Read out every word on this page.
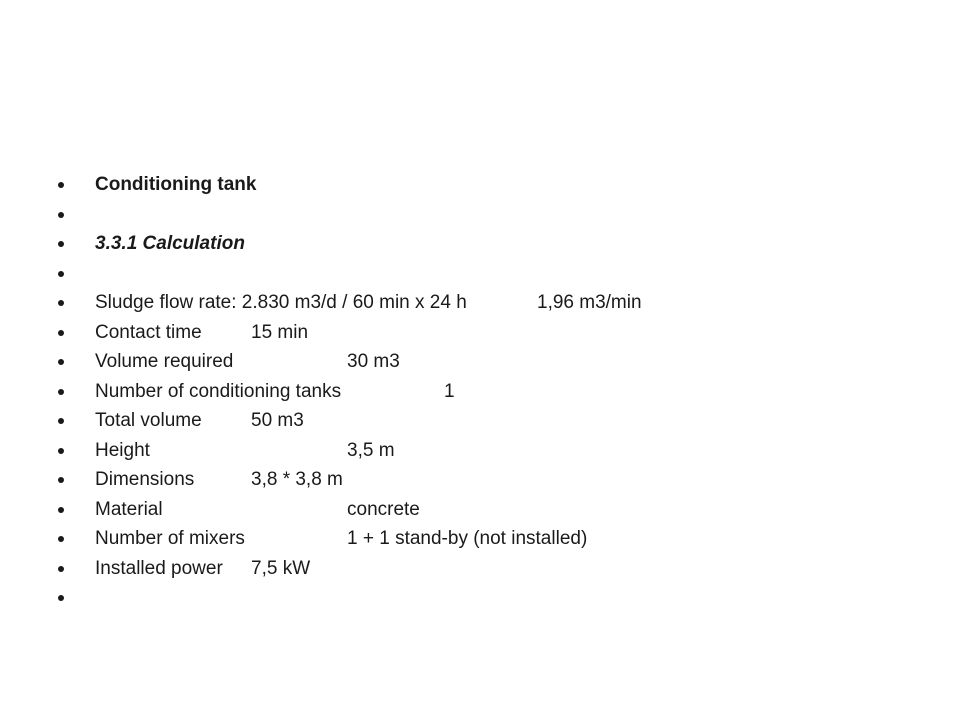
Conditioning tank
3.3.1 Calculation
Sludge flow rate: 2.830 m3/d / 60 min x 24 h	1,96 m3/min
Contact time	15 min
Volume required	30 m3
Number of conditioning tanks	1
Total volume	50 m3
Height	3,5 m
Dimensions	3,8 * 3,8 m
Material	concrete
Number of mixers	1 + 1 stand-by (not installed)
Installed power 7,5 kW
